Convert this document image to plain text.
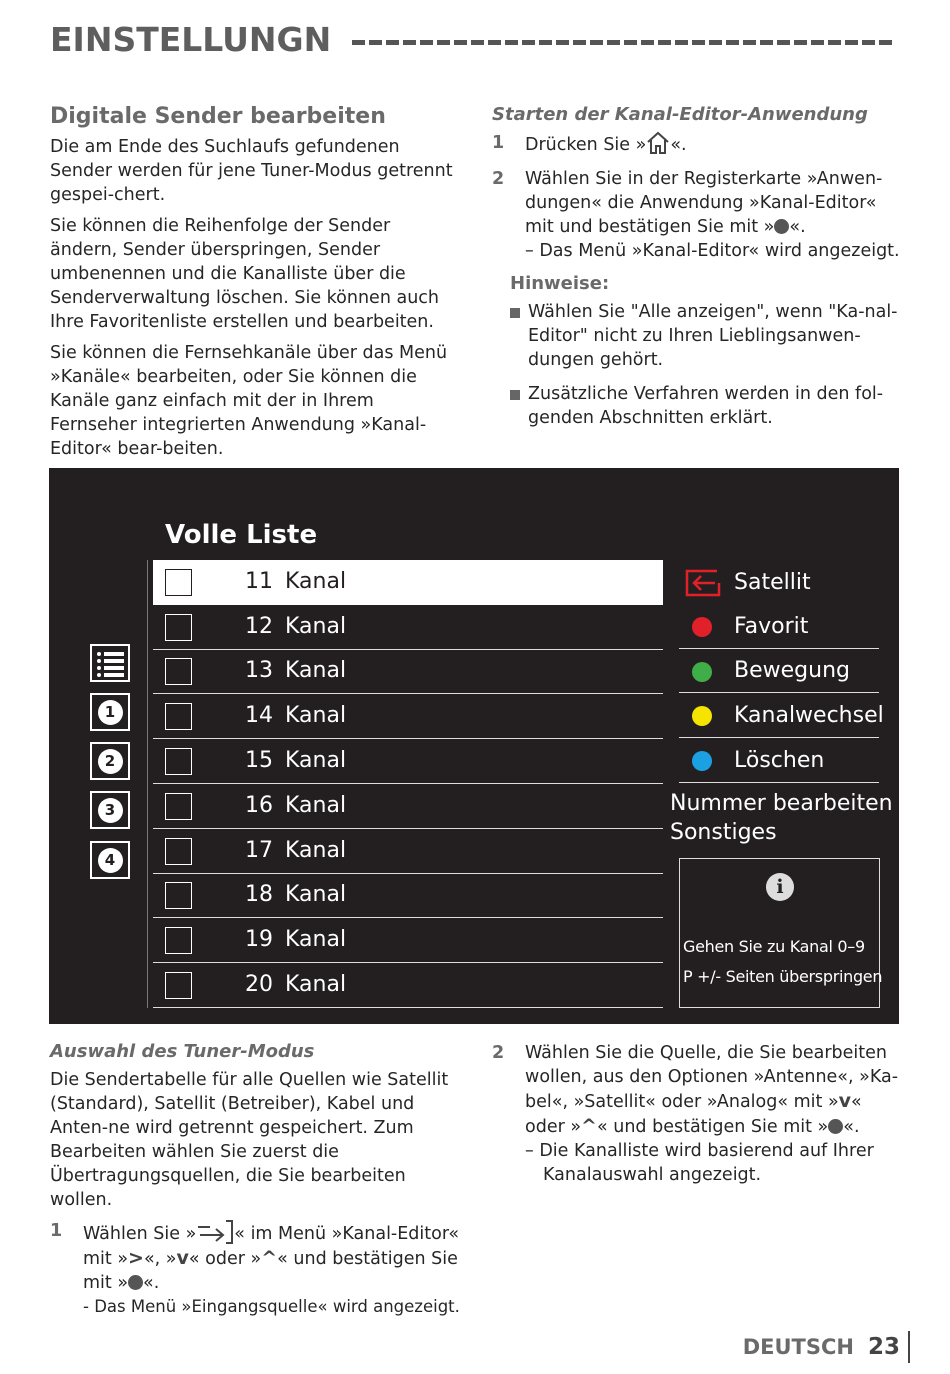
EINSTELLUNGN
Digitale Sender bearbeiten
Die am Ende des Suchlaufs gefundenen Sender werden für jene Tuner-Modus getrennt gespei-chert.
Sie können die Reihenfolge der Sender ändern, Sender überspringen, Sender umbenennen und die Kanalliste über die Senderverwaltung löschen. Sie können auch Ihre Favoritenliste erstellen und bearbeiten.
Sie können die Fernsehkanäle über das Menü »Kanäle« bearbeiten, oder Sie können die Kanäle ganz einfach mit der in Ihrem Fernseher integrierten Anwendung »Kanal-Editor« bear-beiten.
Starten der Kanal-Editor-Anwendung
1 Drücken Sie » «.
2 Wählen Sie in der Registerkarte »Anwen-dungen« die Anwendung »Kanal-Editor« mit und bestätigen Sie mit » «.
– Das Menü »Kanal-Editor« wird angezeigt.
Hinweise:
Wählen Sie "Alle anzeigen", wenn "Ka-nal-Editor" nicht zu Ihren Lieblingsanwen-dungen gehört.
Zusätzliche Verfahren werden in den fol-genden Abschnitten erklärt.
Volle Liste
1
2
3
4
11 Kanal
12 Kanal
13 Kanal
14 Kanal
15 Kanal
16 Kanal
17 Kanal
18 Kanal
19 Kanal
20 Kanal
Satellit
Favorit
Bewegung
Kanalwechsel
Löschen
Nummer bearbeiten
Sonstiges
i
Gehen Sie zu Kanal 0–9
P +/- Seiten überspringen
Auswahl des Tuner-Modus
Die Sendertabelle für alle Quellen wie Satellit (Standard), Satellit (Betreiber), Kabel und Anten-ne wird getrennt gespeichert. Zum Bearbeiten wählen Sie zuerst die Übertragungsquellen, die Sie bearbeiten wollen.
1 Wählen Sie » « im Menü »Kanal-Editor« mit »>«, »v« oder »^« und bestätigen Sie mit » «.
- Das Menü »Eingangsquelle« wird angezeigt.
2 Wählen Sie die Quelle, die Sie bearbeiten wollen, aus den Optionen »Antenne«, »Ka-bel«, »Satellit« oder »Analog« mit »v« oder »^« und bestätigen Sie mit » «.

– Die Kanalliste wird basierend auf Ihrer Kanalauswahl angezeigt.
DEUTSCH 23
